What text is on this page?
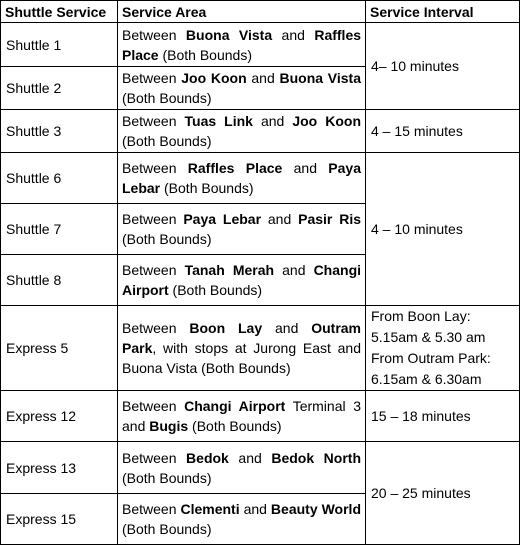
Shuttle Service	Service Area	Service Interval
Shuttle 1	Between Buona Vista and Raffles Place (Both Bounds)	4– 10 minutes
Shuttle 2	Between Joo Koon and Buona Vista (Both Bounds)	
Shuttle 3	Between Tuas Link and Joo Koon (Both Bounds)	4 – 15 minutes
Shuttle 6	Between Raffles Place and Paya Lebar (Both Bounds)	4 – 10 minutes
Shuttle 7	Between Paya Lebar and Pasir Ris (Both Bounds)	
Shuttle 8	Between Tanah Merah and Changi Airport (Both Bounds)	
Express 5	Between Boon Lay and Outram Park, with stops at Jurong East and Buona Vista (Both Bounds)	From Boon Lay:
5.15am & 5.30 am
From Outram Park:
6.15am & 6.30am

Express 12	Between Changi Airport Terminal 3 and Bugis (Both Bounds)	15 – 18 minutes
Express 13	Between Bedok and Bedok North (Both Bounds)	20 – 25 minutes
Express 15	Between Clementi and Beauty World (Both Bounds)	
